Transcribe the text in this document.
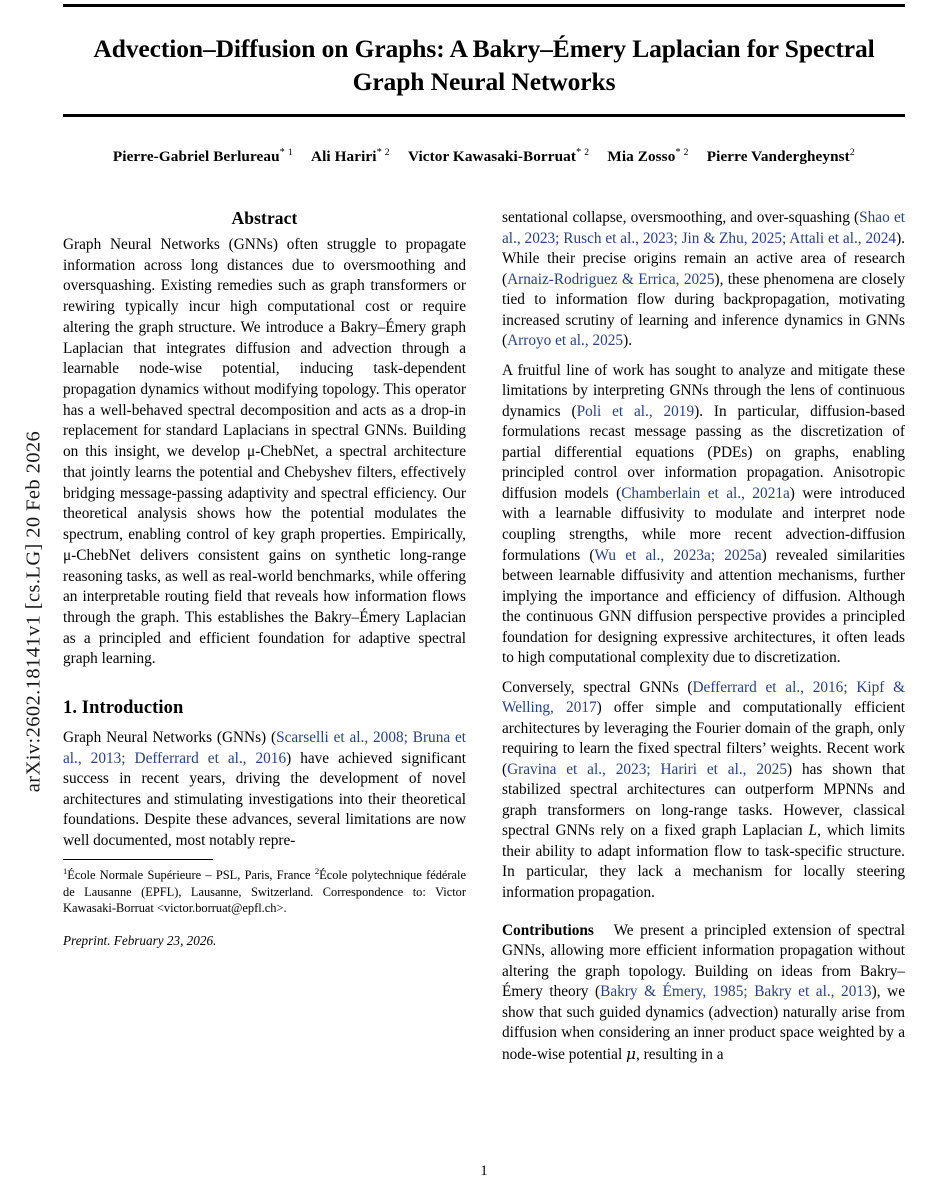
arXiv:2602.18141v1 [cs.LG] 20 Feb 2026
Advection–Diffusion on Graphs: A Bakry–Émery Laplacian for Spectral Graph Neural Networks
Pierre-Gabriel Berlureau$^{* 1}$ Ali Hariri$^{* 2}$ Victor Kawasaki-Borruat$^{* 2}$ Mia Zosso$^{* 2}$ Pierre Vandergheynst$^2$
Abstract
Graph Neural Networks (GNNs) often struggle to propagate information across long distances due to oversmoothing and oversquashing. Existing remedies such as graph transformers or rewiring typically incur high computational cost or require altering the graph structure. We introduce a Bakry–Émery graph Laplacian that integrates diffusion and advection through a learnable node-wise potential, inducing task-dependent propagation dynamics without modifying topology. This operator has a well-behaved spectral decomposition and acts as a drop-in replacement for standard Laplacians in spectral GNNs. Building on this insight, we develop μ-ChebNet, a spectral architecture that jointly learns the potential and Chebyshev filters, effectively bridging message-passing adaptivity and spectral efficiency. Our theoretical analysis shows how the potential modulates the spectrum, enabling control of key graph properties. Empirically, μ-ChebNet delivers consistent gains on synthetic long-range reasoning tasks, as well as real-world benchmarks, while offering an interpretable routing field that reveals how information flows through the graph. This establishes the Bakry–Émery Laplacian as a principled and efficient foundation for adaptive spectral graph learning.
1. Introduction

Graph Neural Networks (GNNs) (Scarselli et al., 2008; Bruna et al., 2013; Defferrard et al., 2016) have achieved significant success in recent years, driving the development of novel architectures and stimulating investigations into their theoretical foundations. Despite these advances, several limitations are now well documented, most notably repre-

$^1$École Normale Supérieure – PSL, Paris, France $^2$École polytechnique fédérale de Lausanne (EPFL), Lausanne, Switzerland. Correspondence to: Victor Kawasaki-Borruat <victor.borruat@epfl.ch>.

Preprint. February 23, 2026.

sentational collapse, oversmoothing, and over-squashing (Shao et al., 2023; Rusch et al., 2023; Jin & Zhu, 2025; Attali et al., 2024). While their precise origins remain an active area of research (Arnaiz-Rodriguez & Errica, 2025), these phenomena are closely tied to information flow during backpropagation, motivating increased scrutiny of learning and inference dynamics in GNNs (Arroyo et al., 2025).

A fruitful line of work has sought to analyze and mitigate these limitations by interpreting GNNs through the lens of continuous dynamics (Poli et al., 2019). In particular, diffusion-based formulations recast message passing as the discretization of partial differential equations (PDEs) on graphs, enabling principled control over information propagation. Anisotropic diffusion models (Chamberlain et al., 2021a) were introduced with a learnable diffusivity to modulate and interpret node coupling strengths, while more recent advection-diffusion formulations (Wu et al., 2023a; 2025a) revealed similarities between learnable diffusivity and attention mechanisms, further implying the importance and efficiency of diffusion. Although the continuous GNN diffusion perspective provides a principled foundation for designing expressive architectures, it often leads to high computational complexity due to discretization.

Conversely, spectral GNNs (Defferrard et al., 2016; Kipf & Welling, 2017) offer simple and computationally efficient architectures by leveraging the Fourier domain of the graph, only requiring to learn the fixed spectral filters’ weights. Recent work (Gravina et al., 2023; Hariri et al., 2025) has shown that stabilized spectral architectures can outperform MPNNs and graph transformers on long-range tasks. However, classical spectral GNNs rely on a fixed graph Laplacian L, which limits their ability to adapt information flow to task-specific structure. In particular, they lack a mechanism for locally steering information propagation.

Contributions We present a principled extension of spectral GNNs, allowing more efficient information propagation without altering the graph topology. Building on ideas from Bakry–Émery theory (Bakry & Émery, 1985; Bakry et al., 2013), we show that such guided dynamics (advection) naturally arise from diffusion when considering an inner product space weighted by a node-wise potential μ, resulting in a

1
